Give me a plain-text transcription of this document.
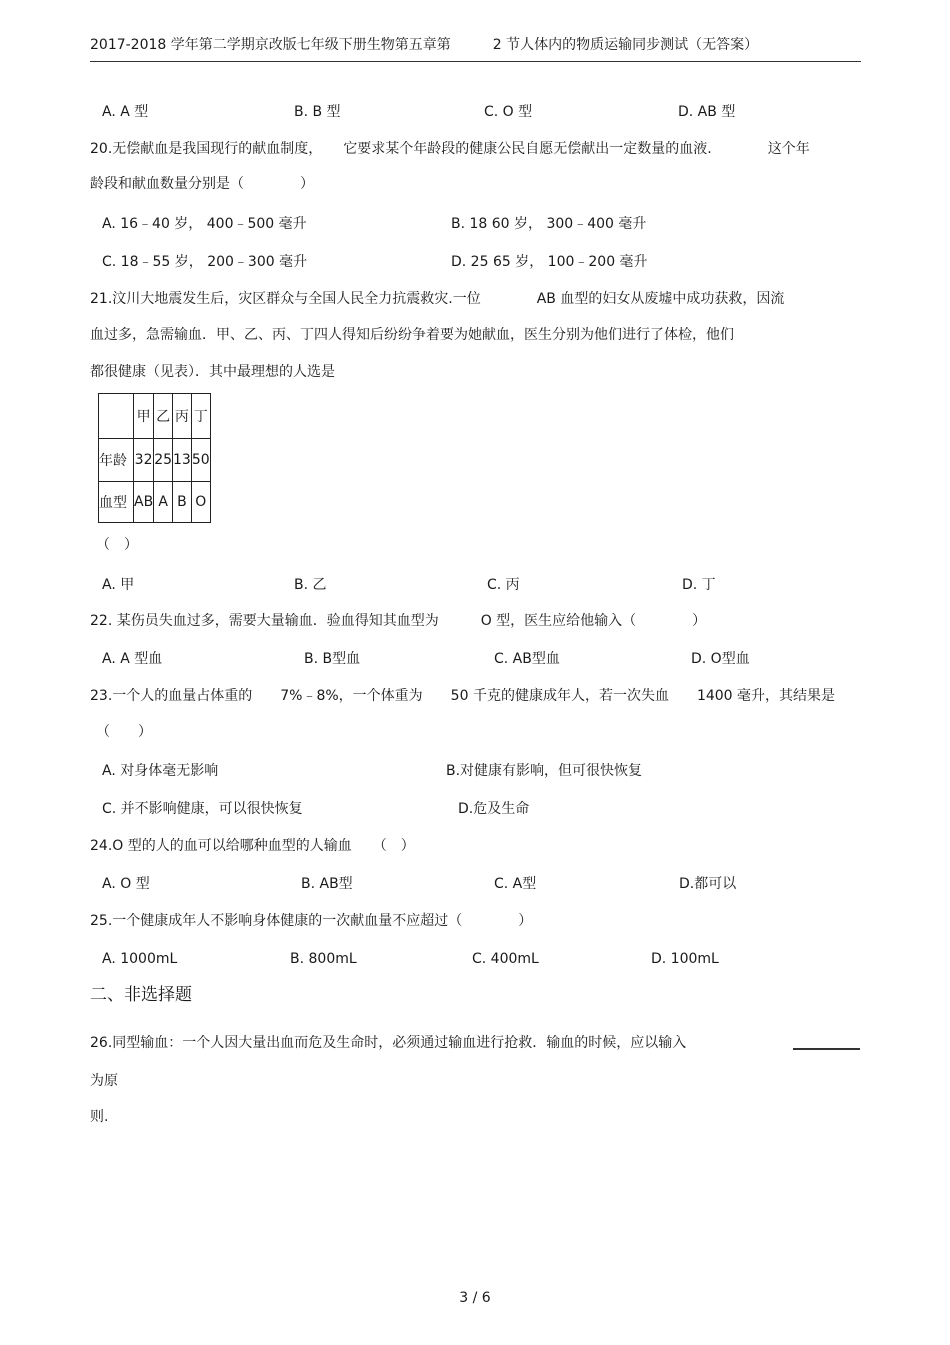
2017-2018 学年第二学期京改版七年级下册生物第五章第　　　2 节人体内的物质运输同步测试（无答案）
A. A 型	B. B 型	C. O 型	D. AB 型
20.无偿献血是我国现行的献血制度，　　它要求某个年龄段的健康公民自愿无偿献出一定数量的血液.　　　　这个年
龄段和献血数量分别是（　　　　）
A. 16﹣40 岁， 400﹣500 毫升	B. 18 60 岁， 300﹣400 毫升
C. 18﹣55 岁， 200﹣300 毫升	D. 25 65 岁， 100﹣200 毫升
21.汶川大地震发生后，灾区群众与全国人民全力抗震救灾.一位　　　　AB 血型的妇女从废墟中成功获救，因流
血过多，急需输血．甲、乙、丙、丁四人得知后纷纷争着要为她献血，医生分别为他们进行了体检，他们
都很健康（见表）．其中最理想的人选是
	甲	乙	丙	丁
年龄	32	25	13	50
血型	AB	A	B	O
（　）
A. 甲	B. 乙	C. 丙	D. 丁
22. 某伤员失血过多，需要大量输血．验血得知其血型为　　　O 型，医生应给他输入（　　　　）
A. A 型血	B. B型血	C. AB型血	D. O型血
23.一个人的血量占体重的　　7%﹣8%，一个体重为　　50 千克的健康成年人，若一次失血　　1400 毫升，其结果是
（　　）
A. 对身体毫无影响	B.对健康有影响，但可很快恢复
C. 并不影响健康，可以很快恢复	D.危及生命
24.O 型的人的血可以给哪种血型的人输血　　（　）
A. O 型	B. AB型	C. A型	D.都可以
25.一个健康成年人不影响身体健康的一次献血量不应超过（　　　　）
A. 1000mL	B. 800mL	C. 400mL	D. 100mL
二、非选择题
26.同型输血：一个人因大量出血而危及生命时，必须通过输血进行抢救．输血的时候，应以输入
为原
则.
3 / 6
